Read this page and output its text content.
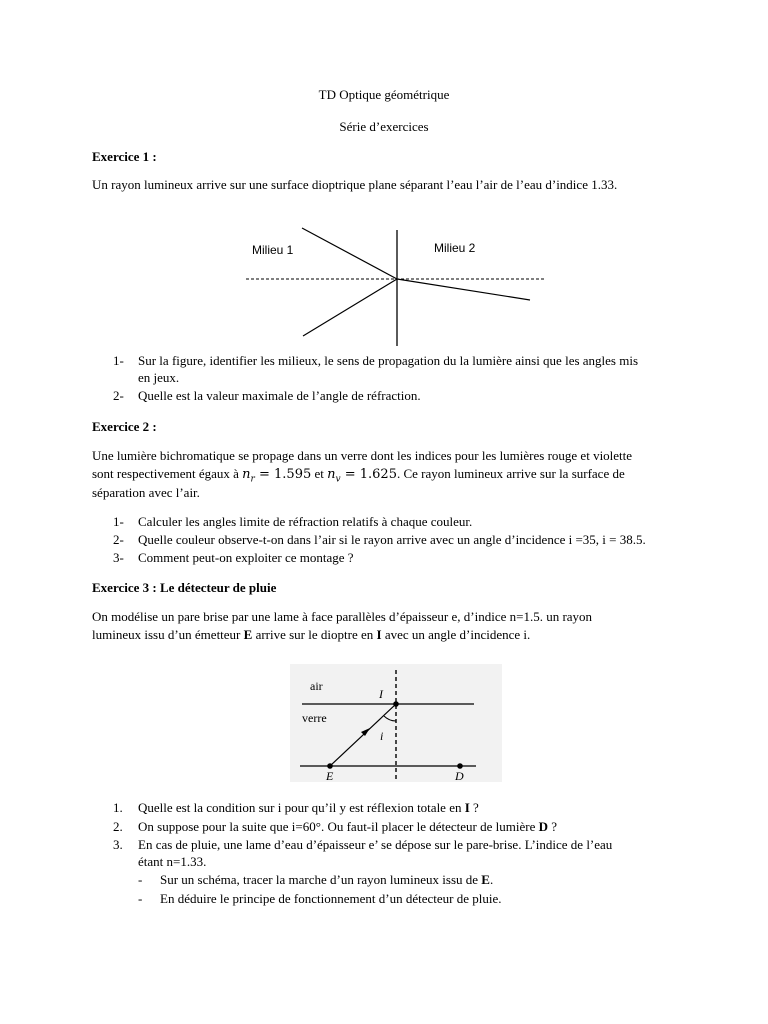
TD Optique géométrique
Série d’exercices
Exercice 1 :
Un rayon lumineux arrive sur une surface dioptrique plane séparant l’eau l’air de l’eau d’indice 1.33.
Milieu 1	Milieu 2
1- Sur la figure, identifier les milieux, le sens de propagation du la lumière ainsi que les angles mis
en jeux.
2- Quelle est la valeur maximale de l’angle de réfraction.
Exercice 2 :
Une lumière bichromatique se propage dans un verre dont les indices pour les lumières rouge et violette
sont respectivement égaux à $n_r = 1.595$ et $n_v = 1.625$. Ce rayon lumineux arrive sur la surface de
séparation avec l’air.
1- Calculer les angles limite de réfraction relatifs à chaque couleur.
2- Quelle couleur observe-t-on dans l’air si le rayon arrive avec un angle d’incidence i =35, i = 38.5.
3- Comment peut-on exploiter ce montage ?
Exercice 3 : Le détecteur de pluie
On modélise un pare brise par une lame à face parallèles d’épaisseur e, d’indice n=1.5. un rayon
lumineux issu d’un émetteur E arrive sur le dioptre en I avec un angle d’incidence i.
air
verre
I
i
E	D
1. Quelle est la condition sur i pour qu’il y est réflexion totale en I ?
2. On suppose pour la suite que i=60°. Ou faut-il placer le détecteur de lumière D ?
3. En cas de pluie, une lame d’eau d’épaisseur e’ se dépose sur le pare-brise. L’indice de l’eau
étant n=1.33.
- Sur un schéma, tracer la marche d’un rayon lumineux issu de E.
- En déduire le principe de fonctionnement d’un détecteur de pluie.
